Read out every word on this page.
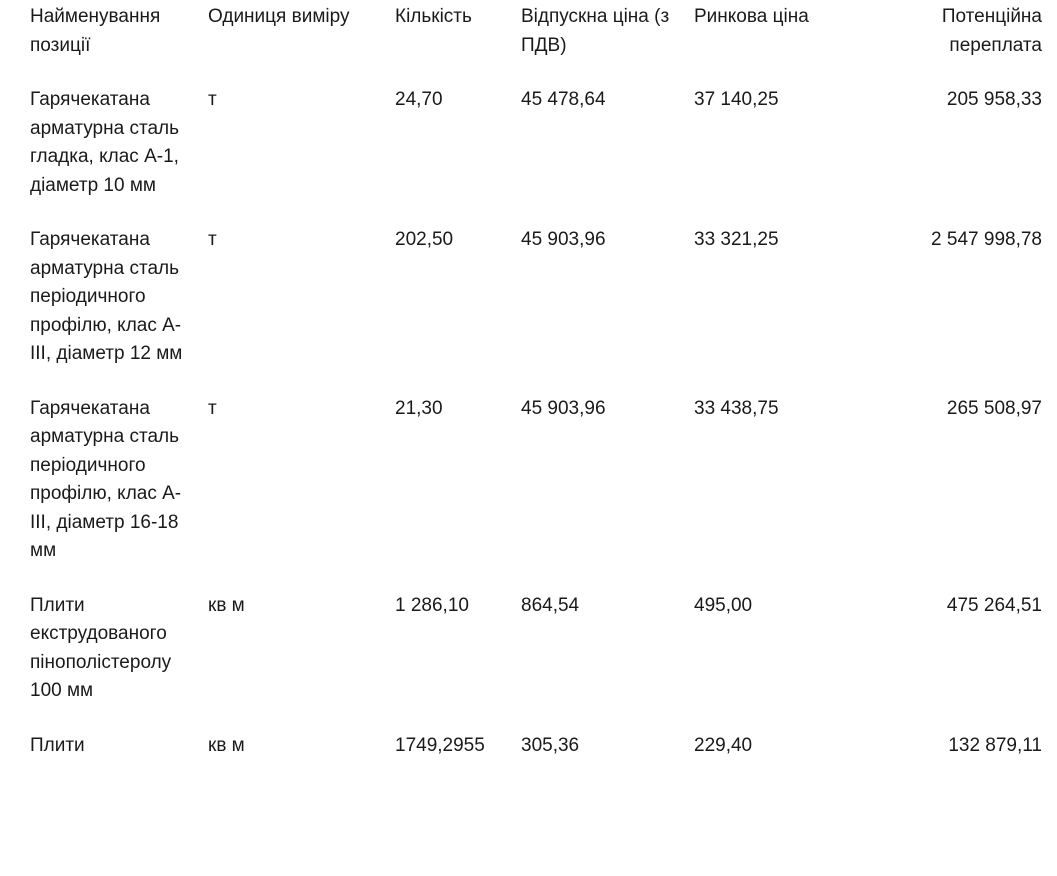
Найменування позиції	Одиниця виміру	Кількість	Відпускна ціна (з ПДВ)	Ринкова ціна	Потенційна переплата
Гарячекатана арматурна сталь гладка, клас А-1, діаметр 10 мм	т	24,70	45 478,64	37 140,25	205 958,33
Гарячекатана арматурна сталь періодичного профілю, клас А-ІІІ, діаметр 12 мм	т	202,50	45 903,96	33 321,25	2 547 998,78
Гарячекатана арматурна сталь періодичного профілю, клас А-ІІІ, діаметр 16-18 мм	т	21,30	45 903,96	33 438,75	265 508,97
Плити екструдованого пінополістеролу 100 мм	кв м	1 286,10	864,54	495,00	475 264,51
Плити	кв м	1749,2955	305,36	229,40	132 879,11
